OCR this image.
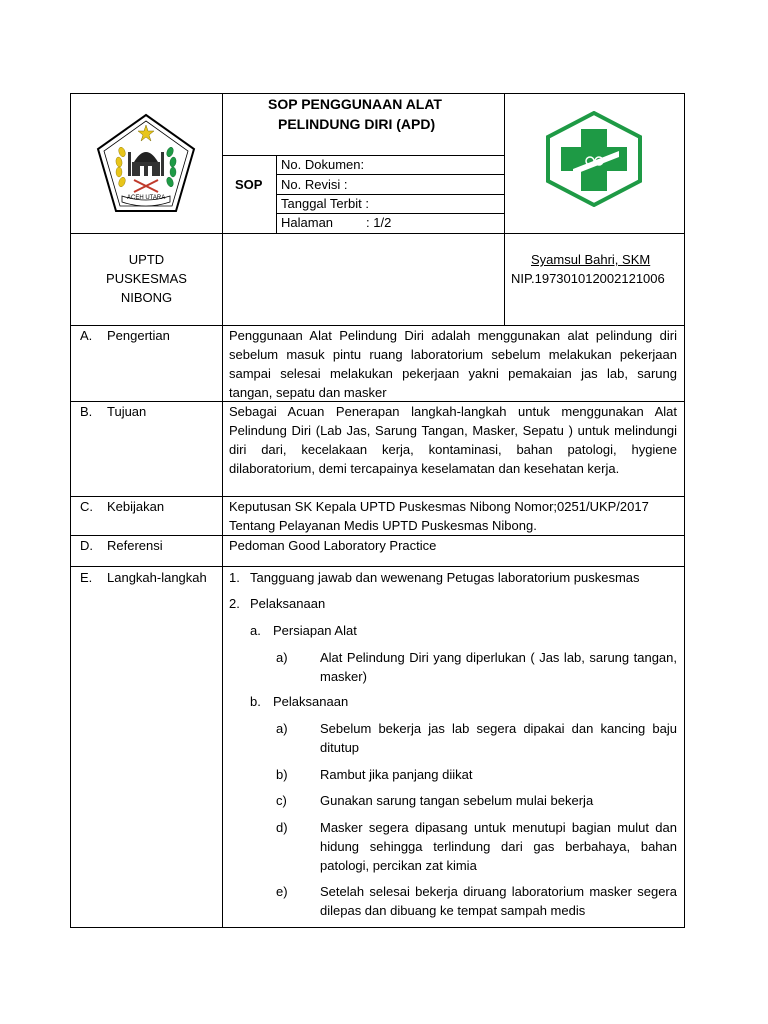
ACEH UTARA
SOP PENGGUNAAN ALAT
PELINDUNG DIRI (APD)
SOP
No. Dokumen:
No. Revisi :
Tanggal Terbit :
Halaman	: 1/2
UPTD
PUSKESMAS
NIBONG
Syamsul Bahri, SKM
NIP.197301012002121006
A. Pengertian	Penggunaan Alat Pelindung Diri adalah menggunakan alat pelindung diri sebelum masuk pintu ruang laboratorium sebelum melakukan pekerjaan sampai selesai melakukan pekerjaan yakni pemakaian jas lab, sarung tangan, sepatu dan masker
B. Tujuan	Sebagai Acuan Penerapan langkah-langkah untuk menggunakan Alat Pelindung Diri (Lab Jas, Sarung Tangan, Masker, Sepatu ) untuk melindungi diri dari, kecelakaan kerja, kontaminasi, bahan patologi, hygiene dilaboratorium, demi tercapainya keselamatan dan kesehatan kerja.
C. Kebijakan	Keputusan SK Kepala UPTD Puskesmas Nibong Nomor;0251/UKP/2017
Tentang Pelayanan Medis UPTD Puskesmas Nibong.
D. Referensi	Pedoman Good Laboratory Practice
E. Langkah-langkah 1. Tangguang jawab dan wewenang Petugas laboratorium puskesmas
2. Pelaksanaan
a. Persiapan Alat
a) Alat Pelindung Diri yang diperlukan ( Jas lab, sarung tangan, masker)
b. Pelaksanaan
a) Sebelum bekerja jas lab segera dipakai dan kancing baju ditutup
b) Rambut jika panjang diikat
c)	Gunakan sarung tangan sebelum mulai bekerja
d) Masker segera dipasang untuk menutupi bagian mulut dan hidung sehingga terlindung dari gas berbahaya, bahan patologi, percikan zat kimia
e) Setelah selesai bekerja diruang laboratorium masker segera dilepas dan dibuang ke tempat sampah medis
